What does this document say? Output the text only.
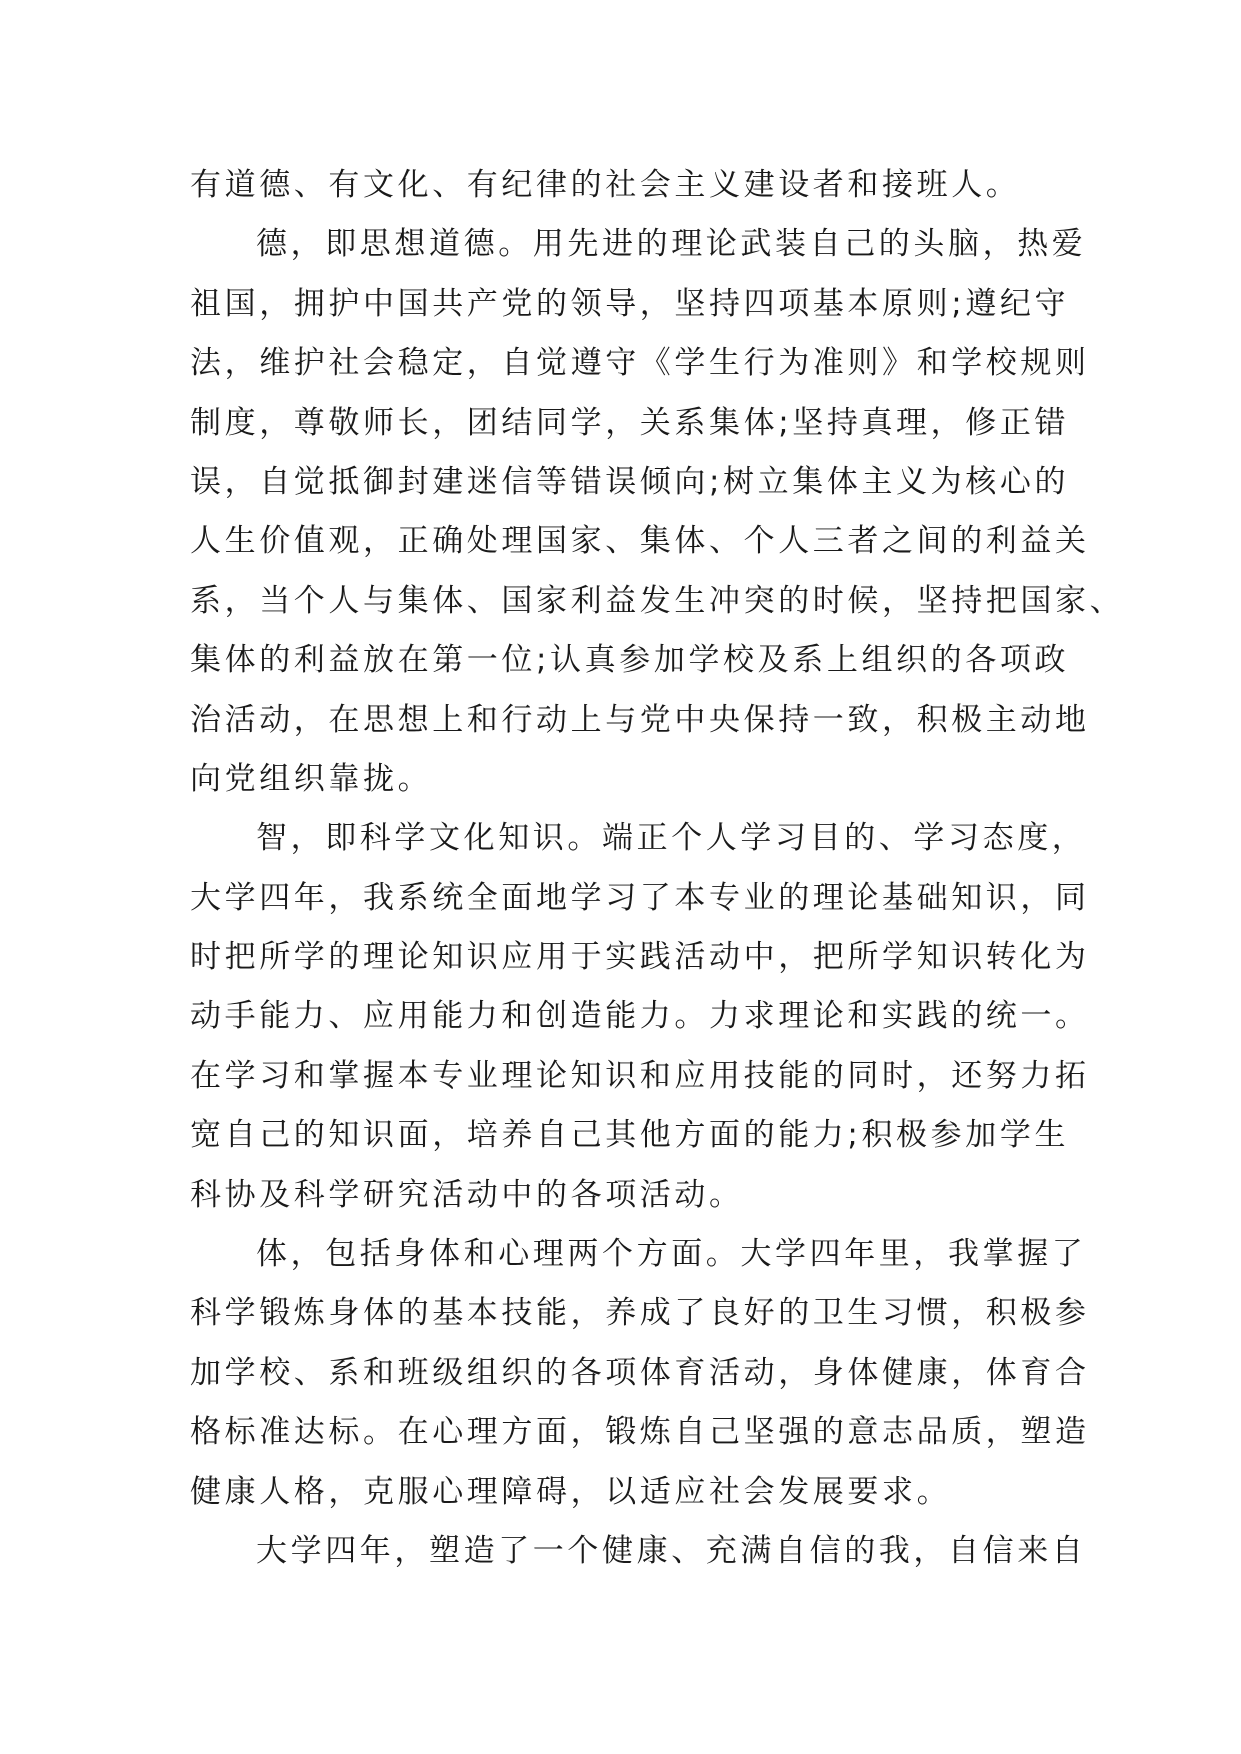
有道德、有文化、有纪律的社会主义建设者和接班人。
德，即思想道德。用先进的理论武装自己的头脑，热爱
祖国，拥护中国共产党的领导，坚持四项基本原则;遵纪守
法，维护社会稳定，自觉遵守《学生行为准则》和学校规则
制度，尊敬师长，团结同学，关系集体;坚持真理，修正错
误，自觉抵御封建迷信等错误倾向;树立集体主义为核心的
人生价值观，正确处理国家、集体、个人三者之间的利益关
系，当个人与集体、国家利益发生冲突的时候，坚持把国家、
集体的利益放在第一位;认真参加学校及系上组织的各项政
治活动，在思想上和行动上与党中央保持一致，积极主动地
向党组织靠拢。
智，即科学文化知识。端正个人学习目的、学习态度，
大学四年，我系统全面地学习了本专业的理论基础知识，同
时把所学的理论知识应用于实践活动中，把所学知识转化为
动手能力、应用能力和创造能力。力求理论和实践的统一。
在学习和掌握本专业理论知识和应用技能的同时，还努力拓
宽自己的知识面，培养自己其他方面的能力;积极参加学生
科协及科学研究活动中的各项活动。
体，包括身体和心理两个方面。大学四年里，我掌握了
科学锻炼身体的基本技能，养成了良好的卫生习惯，积极参
加学校、系和班级组织的各项体育活动，身体健康，体育合
格标准达标。在心理方面，锻炼自己坚强的意志品质，塑造
健康人格，克服心理障碍，以适应社会发展要求。
大学四年，塑造了一个健康、充满自信的我，自信来自
